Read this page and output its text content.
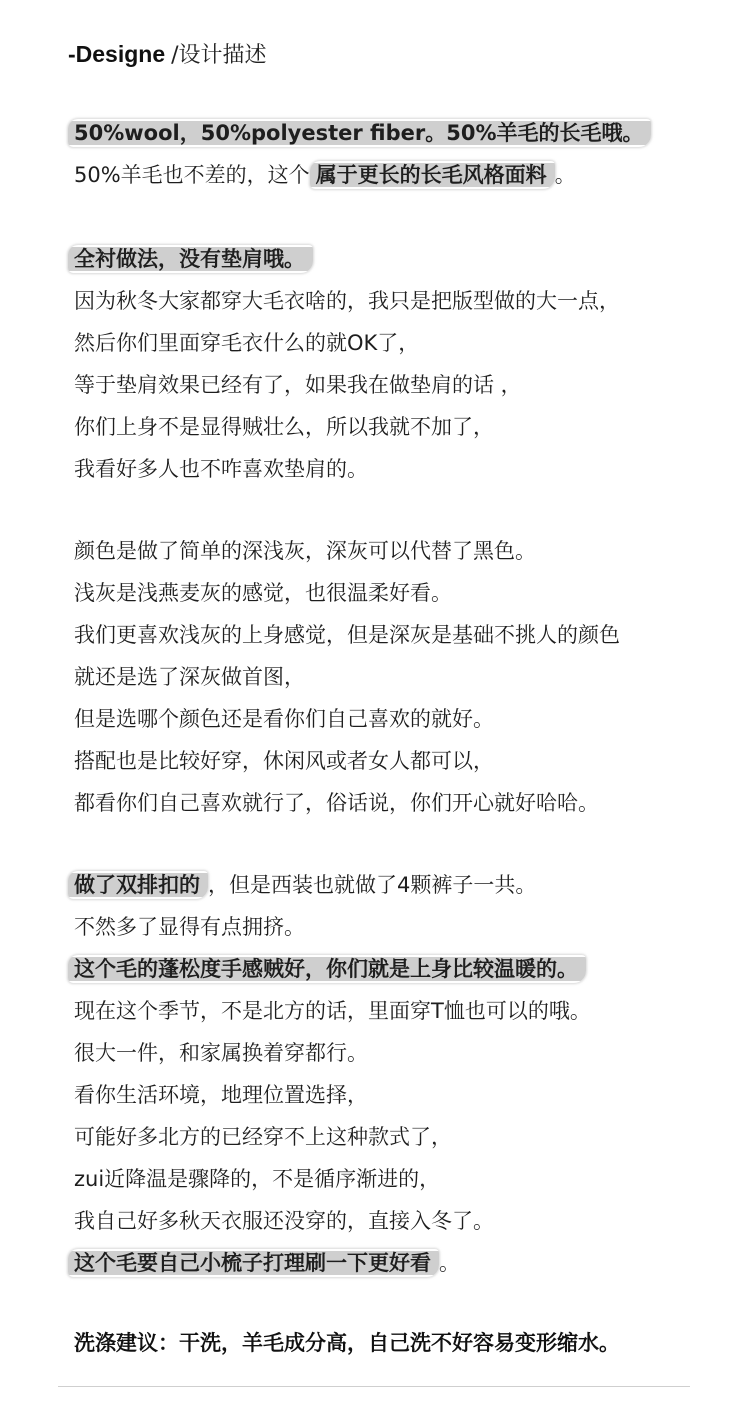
-Designe /设计描述
50%wool，50%polyester fiber。50%羊毛的长毛哦。
50%羊毛也不差的，这个 属于更长的长毛风格面料 。
全衬做法，没有垫肩哦。
因为秋冬大家都穿大毛衣啥的，我只是把版型做的大一点，
然后你们里面穿毛衣什么的就OK了，
等于垫肩效果已经有了，如果我在做垫肩的话 ，
你们上身不是显得贼壮么，所以我就不加了，
我看好多人也不咋喜欢垫肩的。
颜色是做了简单的深浅灰，深灰可以代替了黑色。
浅灰是浅燕麦灰的感觉，也很温柔好看。
我们更喜欢浅灰的上身感觉，但是深灰是基础不挑人的颜色
就还是选了深灰做首图，
但是选哪个颜色还是看你们自己喜欢的就好。
搭配也是比较好穿，休闲风或者女人都可以，
都看你们自己喜欢就行了，俗话说，你们开心就好哈哈。
做了双排扣的 ，但是西装也就做了4颗裤子一共。
不然多了显得有点拥挤。
这个毛的蓬松度手感贼好，你们就是上身比较温暖的。
现在这个季节，不是北方的话，里面穿T恤也可以的哦。
很大一件，和家属换着穿都行。
看你生活环境，地理位置选择，
可能好多北方的已经穿不上这种款式了，
zui近降温是骤降的，不是循序渐进的，
我自己好多秋天衣服还没穿的，直接入冬了。
这个毛要自己小梳子打理刷一下更好看 。
洗涤建议：干洗，羊毛成分高，自己洗不好容易变形缩水。
